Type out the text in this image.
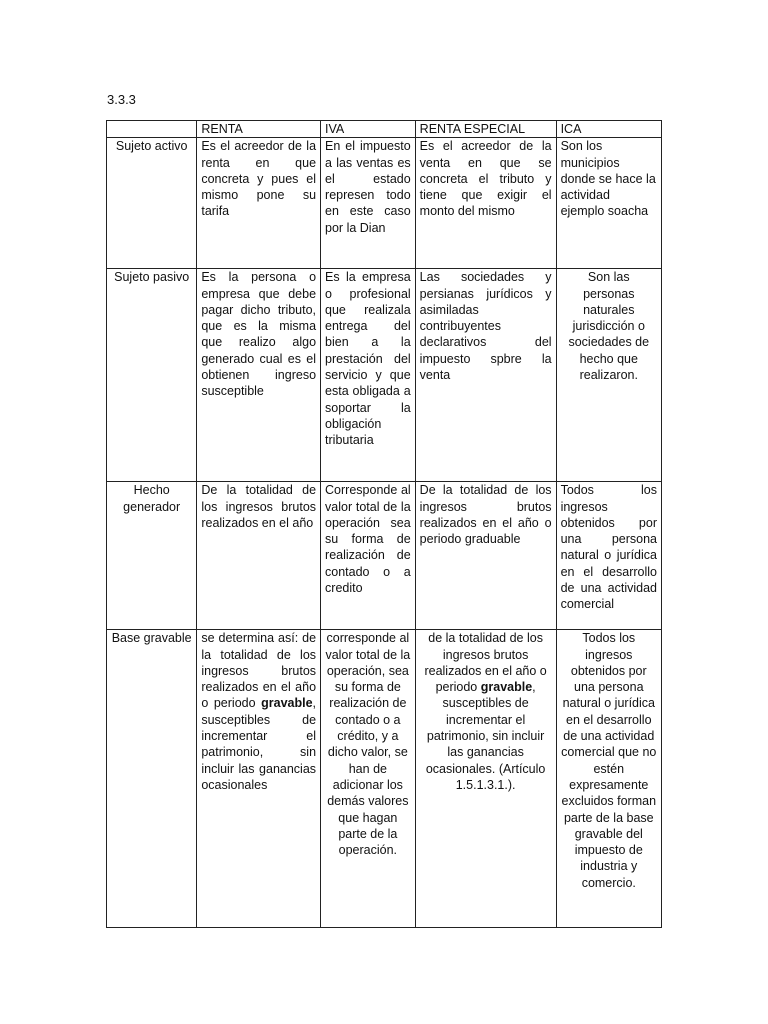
3.3.3
	RENTA	IVA	RENTA ESPECIAL	ICA
Sujeto activo	Es el acreedor de la renta en que concreta y pues el mismo pone su tarifa	En el impuesto a las ventas es el estado represen todo en este caso por la Dian	Es el acreedor de la venta en que se concreta el tributo y tiene que exigir el monto del mismo	Son los municipios donde se hace la actividad ejemplo soacha
Sujeto pasivo	Es la persona o empresa que debe pagar dicho tributo, que es la misma que realizo algo generado cual es el obtienen ingreso susceptible	Es la empresa o profesional que realizala entrega del bien a la prestación del servicio y que esta obligada a soportar la obligación tributaria	Las sociedades y persianas jurídicos y asimiladas contribuyentes declarativos del impuesto spbre la venta	Son las personas naturales jurisdicción o sociedades de hecho que realizaron.
Hecho generador	De la totalidad de los ingresos brutos realizados en el año	Corresponde al valor total de la operación sea su forma de realización de contado o a credito	De la totalidad de los ingresos brutos realizados en el año o periodo graduable	Todos los ingresos obtenidos por una persona natural o jurídica en el desarrollo de una actividad comercial
Base gravable	se determina así: de la totalidad de los ingresos brutos realizados en el año o periodo gravable, susceptibles de incrementar el patrimonio, sin incluir las ganancias ocasionales	corresponde al valor total de la operación, sea su forma de realización de contado o a crédito, y a dicho valor, se han de adicionar los demás valores que hagan parte de la operación.	de la totalidad de los ingresos brutos realizados en el año o periodo gravable, susceptibles de incrementar el patrimonio, sin incluir las ganancias ocasionales. (Artículo 1.5.1.3.1.).	Todos los ingresos obtenidos por una persona natural o jurídica en el desarrollo de una actividad comercial que no estén expresamente excluidos forman parte de la base gravable del impuesto de industria y comercio.
